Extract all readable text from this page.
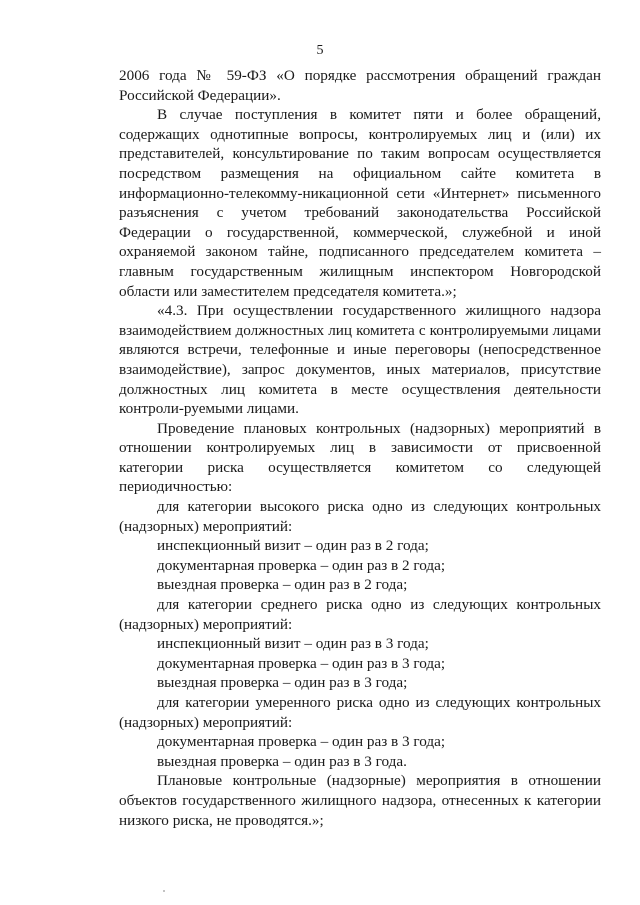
5

2006 года № 59-ФЗ «О порядке рассмотрения обращений граждан Российской Федерации».

В случае поступления в комитет пяти и более обращений, содержащих однотипные вопросы, контролируемых лиц и (или) их представителей, консультирование по таким вопросам осуществляется посредством размещения на официальном сайте комитета в информационно-телекомму-никационной сети «Интернет» письменного разъяснения с учетом требований законодательства Российской Федерации о государственной, коммерческой, служебной и иной охраняемой законом тайне, подписанного председателем комитета – главным государственным жилищным инспектором Новгородской области или заместителем председателя комитета.»;

«4.3. При осуществлении государственного жилищного надзора взаимодействием должностных лиц комитета с контролируемыми лицами являются встречи, телефонные и иные переговоры (непосредственное взаимодействие), запрос документов, иных материалов, присутствие должностных лиц комитета в месте осуществления деятельности контроли-руемыми лицами.

Проведение плановых контрольных (надзорных) мероприятий в отношении контролируемых лиц в зависимости от присвоенной категории риска осуществляется комитетом со следующей периодичностью:

для категории высокого риска одно из следующих контрольных (надзорных) мероприятий:

инспекционный визит – один раз в 2 года;

документарная проверка – один раз в 2 года;

выездная проверка – один раз в 2 года;

для категории среднего риска одно из следующих контрольных (надзорных) мероприятий:

инспекционный визит – один раз в 3 года;

документарная проверка – один раз в 3 года;

выездная проверка – один раз в 3 года;

для категории умеренного риска одно из следующих контрольных (надзорных) мероприятий:

документарная проверка – один раз в 3 года;

выездная проверка – один раз в 3 года.

Плановые контрольные (надзорные) мероприятия в отношении объектов государственного жилищного надзора, отнесенных к категории низкого риска, не проводятся.»;
